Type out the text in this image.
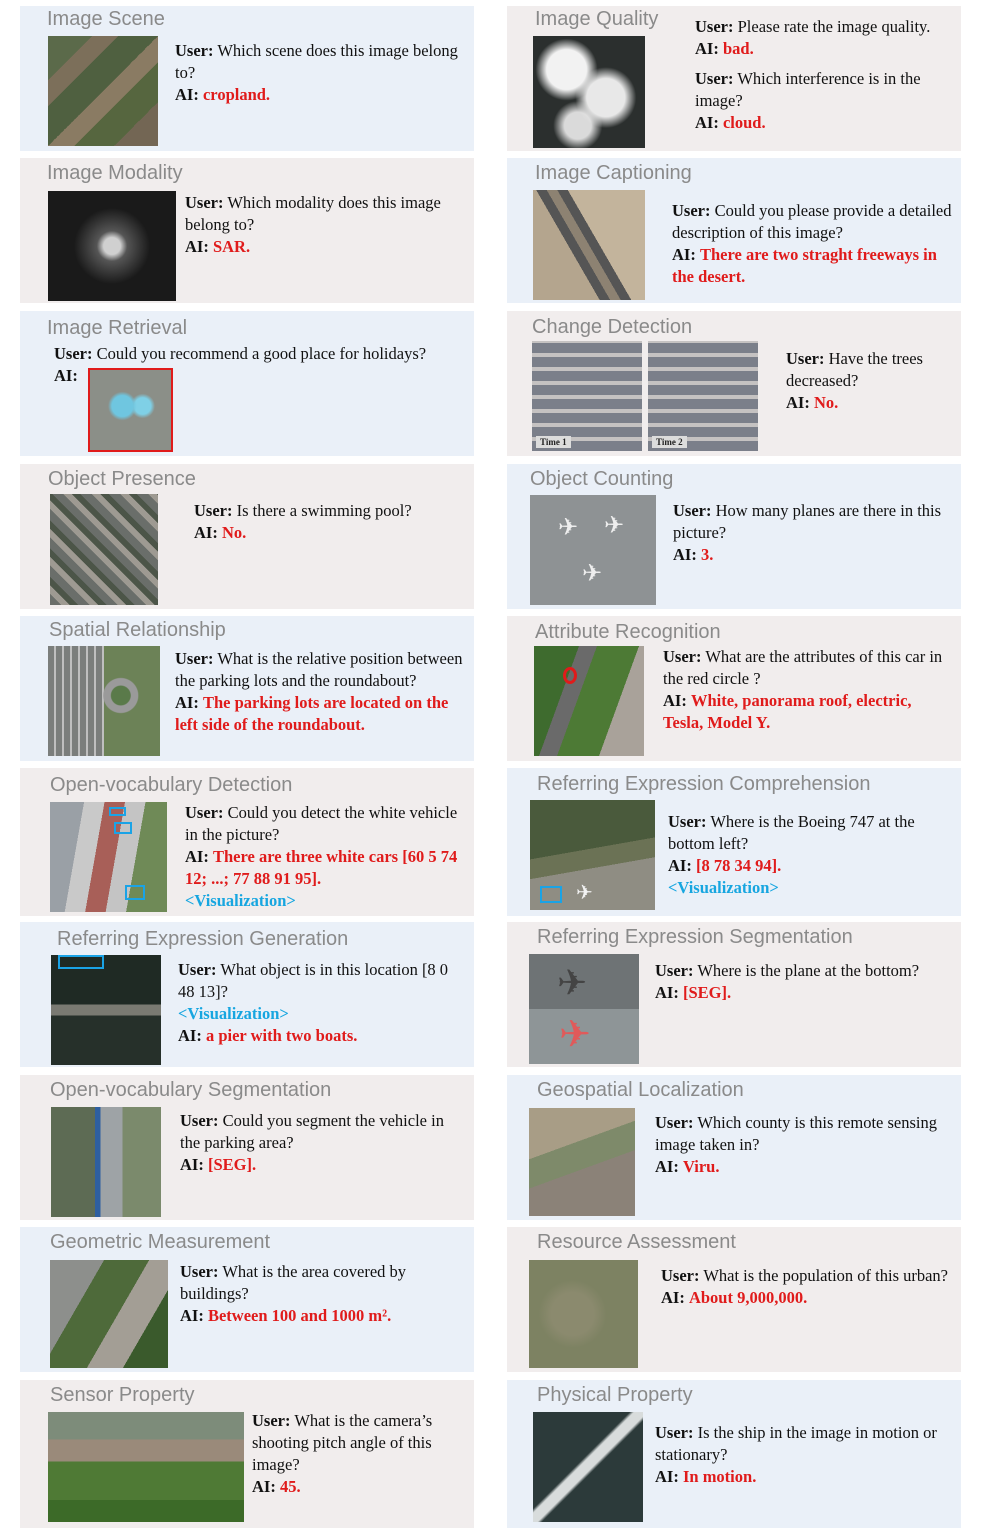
Image Scene

User: Which scene does this image belong to?

AI: cropland.

Image Quality User: Please rate the image quality.

AI: bad.

User: Which interference is in the image?

AI: cloud.

Image Modality

User: Which modality does this image belong to?

AI: SAR.

Image Captioning

User: Could you please provide a detailed description of this image?

AI: There are two straght freeways in the desert.

Image Retrieval

User: Could you recommend a good place for holidays?

AI:

Change Detection
Time 1	Time 2

User: Have the trees decreased?

AI: No.

Object Presence

User: Is there a swimming pool?

AI: No.

Object Counting
✈ ✈
✈

User: How many planes are there in this picture?

AI: 3.

Spatial Relationship

User: What is the relative position between the parking lots and the roundabout?

AI: The parking lots are located on the left side of the roundabout.

Attribute Recognition

User: What are the attributes of this car in the red circle ?

AI: White, panorama roof, electric, Tesla, Model Y.

Open-vocabulary Detection

User: Could you detect the white vehicle in the picture?

AI: There are three white cars [60 5 74 12; ...; 77 88 91 95].

<Visualization>

Referring Expression Comprehension
✈

User: Where is the Boeing 747 at the bottom left?

AI: [8 78 34 94].

<Visualization>

Referring Expression Generation

User: What object is in this location [8 0 48 13]?

<Visualization>

AI: a pier with two boats.

Referring Expression Segmentation
✈
✈

User: Where is the plane at the bottom?

AI: [SEG].

Open-vocabulary Segmentation

User: Could you segment the vehicle in the parking area?

AI: [SEG].

Geospatial Localization

User: Which county is this remote sensing image taken in?

AI: Viru.

Geometric Measurement

User: What is the area covered by buildings?

AI: Between 100 and 1000 m².

Resource Assessment

User: What is the population of this urban?

AI: About 9,000,000.

Sensor Property

User: What is the camera’s shooting pitch angle of this image?

AI: 45.

Physical Property

User: Is the ship in the image in motion or stationary?

AI: In motion.
